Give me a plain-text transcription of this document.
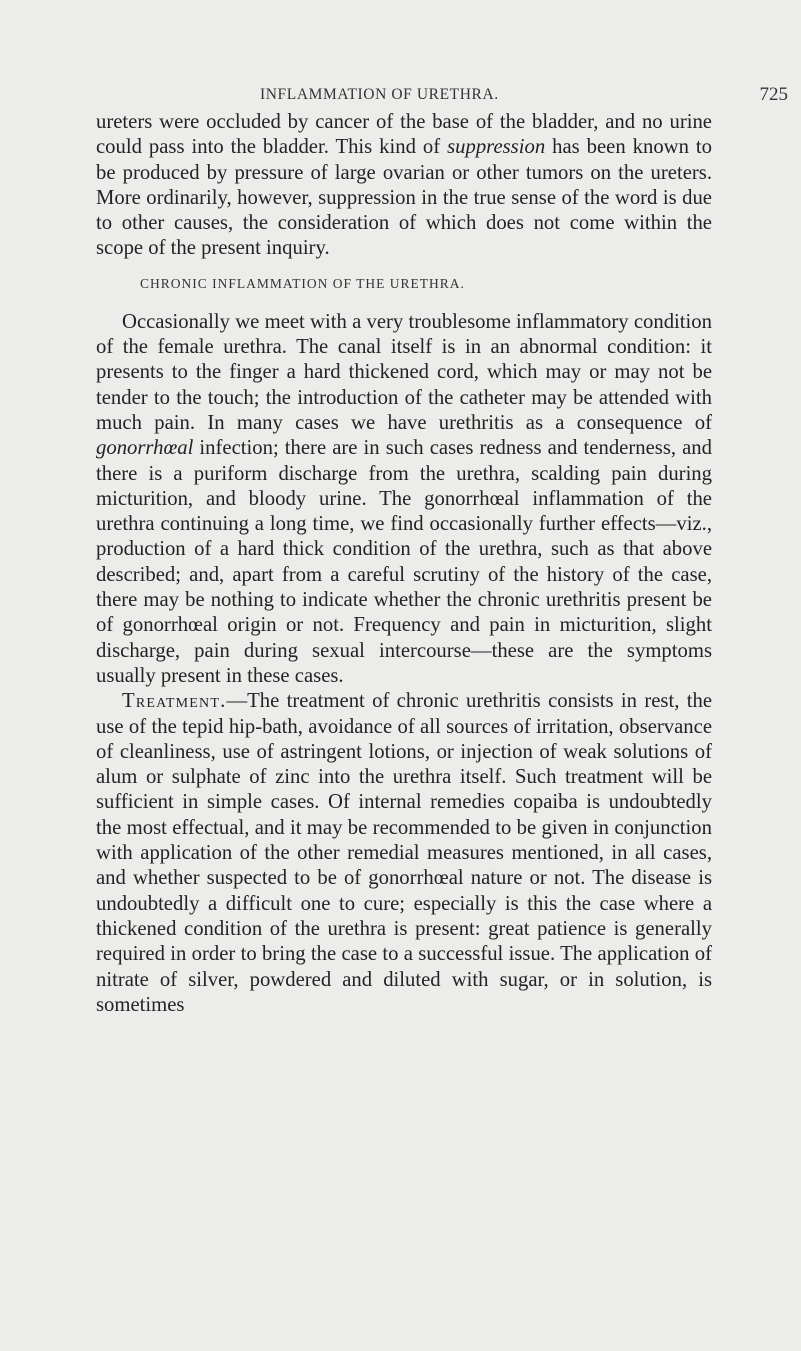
INFLAMMATION OF URETHRA.	725

ureters were occluded by cancer of the base of the bladder, and no urine could pass into the bladder. This kind of suppression has been known to be produced by pressure of large ovarian or other tumors on the ureters. More ordinarily, however, suppression in the true sense of the word is due to other causes, the consideration of which does not come within the scope of the present inquiry.

CHRONIC INFLAMMATION OF THE URETHRA.

Occasionally we meet with a very troublesome inflammatory condition of the female urethra. The canal itself is in an abnormal condition: it presents to the finger a hard thickened cord, which may or may not be tender to the touch; the introduction of the catheter may be attended with much pain. In many cases we have urethritis as a consequence of gonorrhœal infection; there are in such cases redness and tenderness, and there is a puriform discharge from the urethra, scalding pain during micturition, and bloody urine. The gonorrhœal inflammation of the urethra continuing a long time, we find occasionally further effects—viz., production of a hard thick condition of the urethra, such as that above described; and, apart from a careful scrutiny of the history of the case, there may be nothing to indicate whether the chronic urethritis present be of gonorrhœal origin or not. Frequency and pain in micturition, slight discharge, pain during sexual intercourse—these are the symptoms usually present in these cases.

Treatment.—The treatment of chronic urethritis consists in rest, the use of the tepid hip-bath, avoidance of all sources of irritation, observance of cleanliness, use of astringent lotions, or injection of weak solutions of alum or sulphate of zinc into the urethra itself. Such treatment will be sufficient in simple cases. Of internal remedies copaiba is undoubtedly the most effectual, and it may be recommended to be given in conjunction with application of the other remedial measures mentioned, in all cases, and whether suspected to be of gonorrhœal nature or not. The disease is undoubtedly a difficult one to cure; especially is this the case where a thickened condition of the urethra is present: great patience is generally required in order to bring the case to a successful issue. The application of nitrate of silver, powdered and diluted with sugar, or in solution, is sometimes
